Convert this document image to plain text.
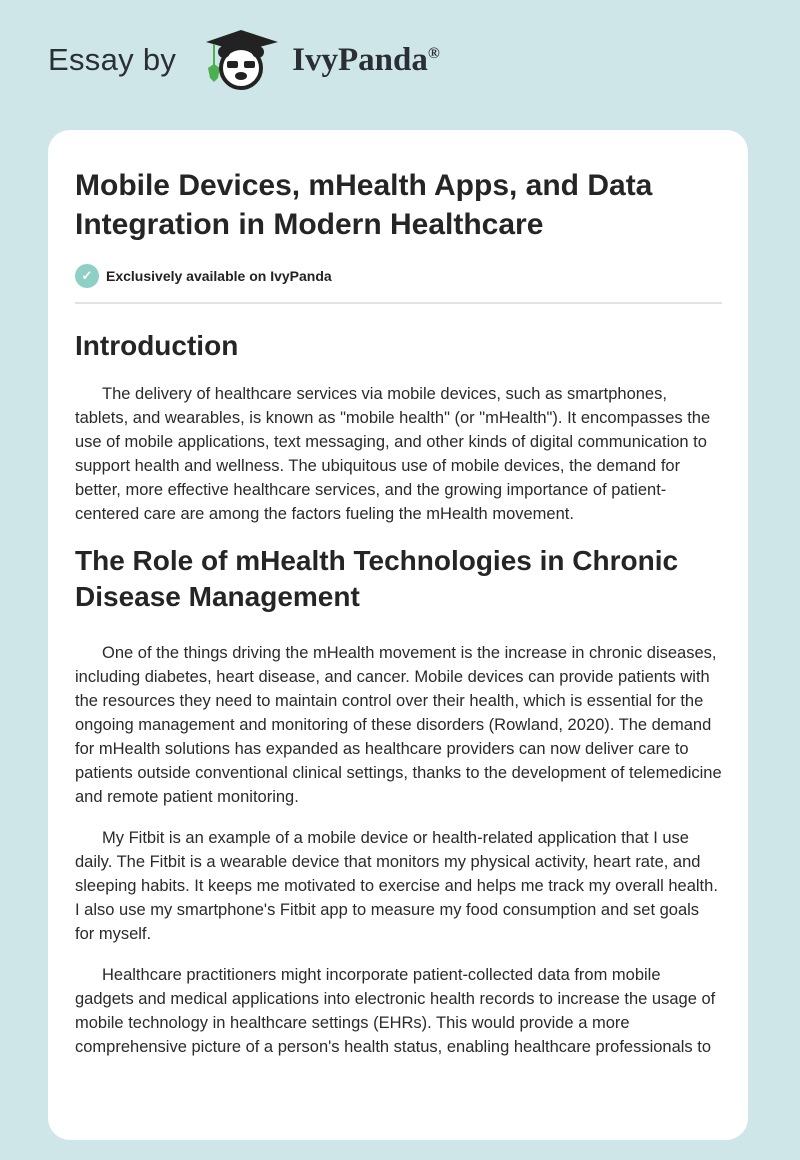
Essay by	IvyPanda®
Mobile Devices, mHealth Apps, and Data Integration in Modern Healthcare
✓ Exclusively available on IvyPanda
Introduction

The delivery of healthcare services via mobile devices, such as smartphones, tablets, and wearables, is known as "mobile health" (or "mHealth"). It encompasses the use of mobile applications, text messaging, and other kinds of digital communication to support health and wellness. The ubiquitous use of mobile devices, the demand for better, more effective healthcare services, and the growing importance of patient-centered care are among the factors fueling the mHealth movement.

The Role of mHealth Technologies in Chronic Disease Management

One of the things driving the mHealth movement is the increase in chronic diseases, including diabetes, heart disease, and cancer. Mobile devices can provide patients with the resources they need to maintain control over their health, which is essential for the ongoing management and monitoring of these disorders (Rowland, 2020). The demand for mHealth solutions has expanded as healthcare providers can now deliver care to patients outside conventional clinical settings, thanks to the development of telemedicine and remote patient monitoring.

My Fitbit is an example of a mobile device or health-related application that I use daily. The Fitbit is a wearable device that monitors my physical activity, heart rate, and sleeping habits. It keeps me motivated to exercise and helps me track my overall health. I also use my smartphone's Fitbit app to measure my food consumption and set goals for myself.

Healthcare practitioners might incorporate patient-collected data from mobile gadgets and medical applications into electronic health records to increase the usage of mobile technology in healthcare settings (EHRs). This would provide a more comprehensive picture of a person's health status, enabling healthcare professionals to
